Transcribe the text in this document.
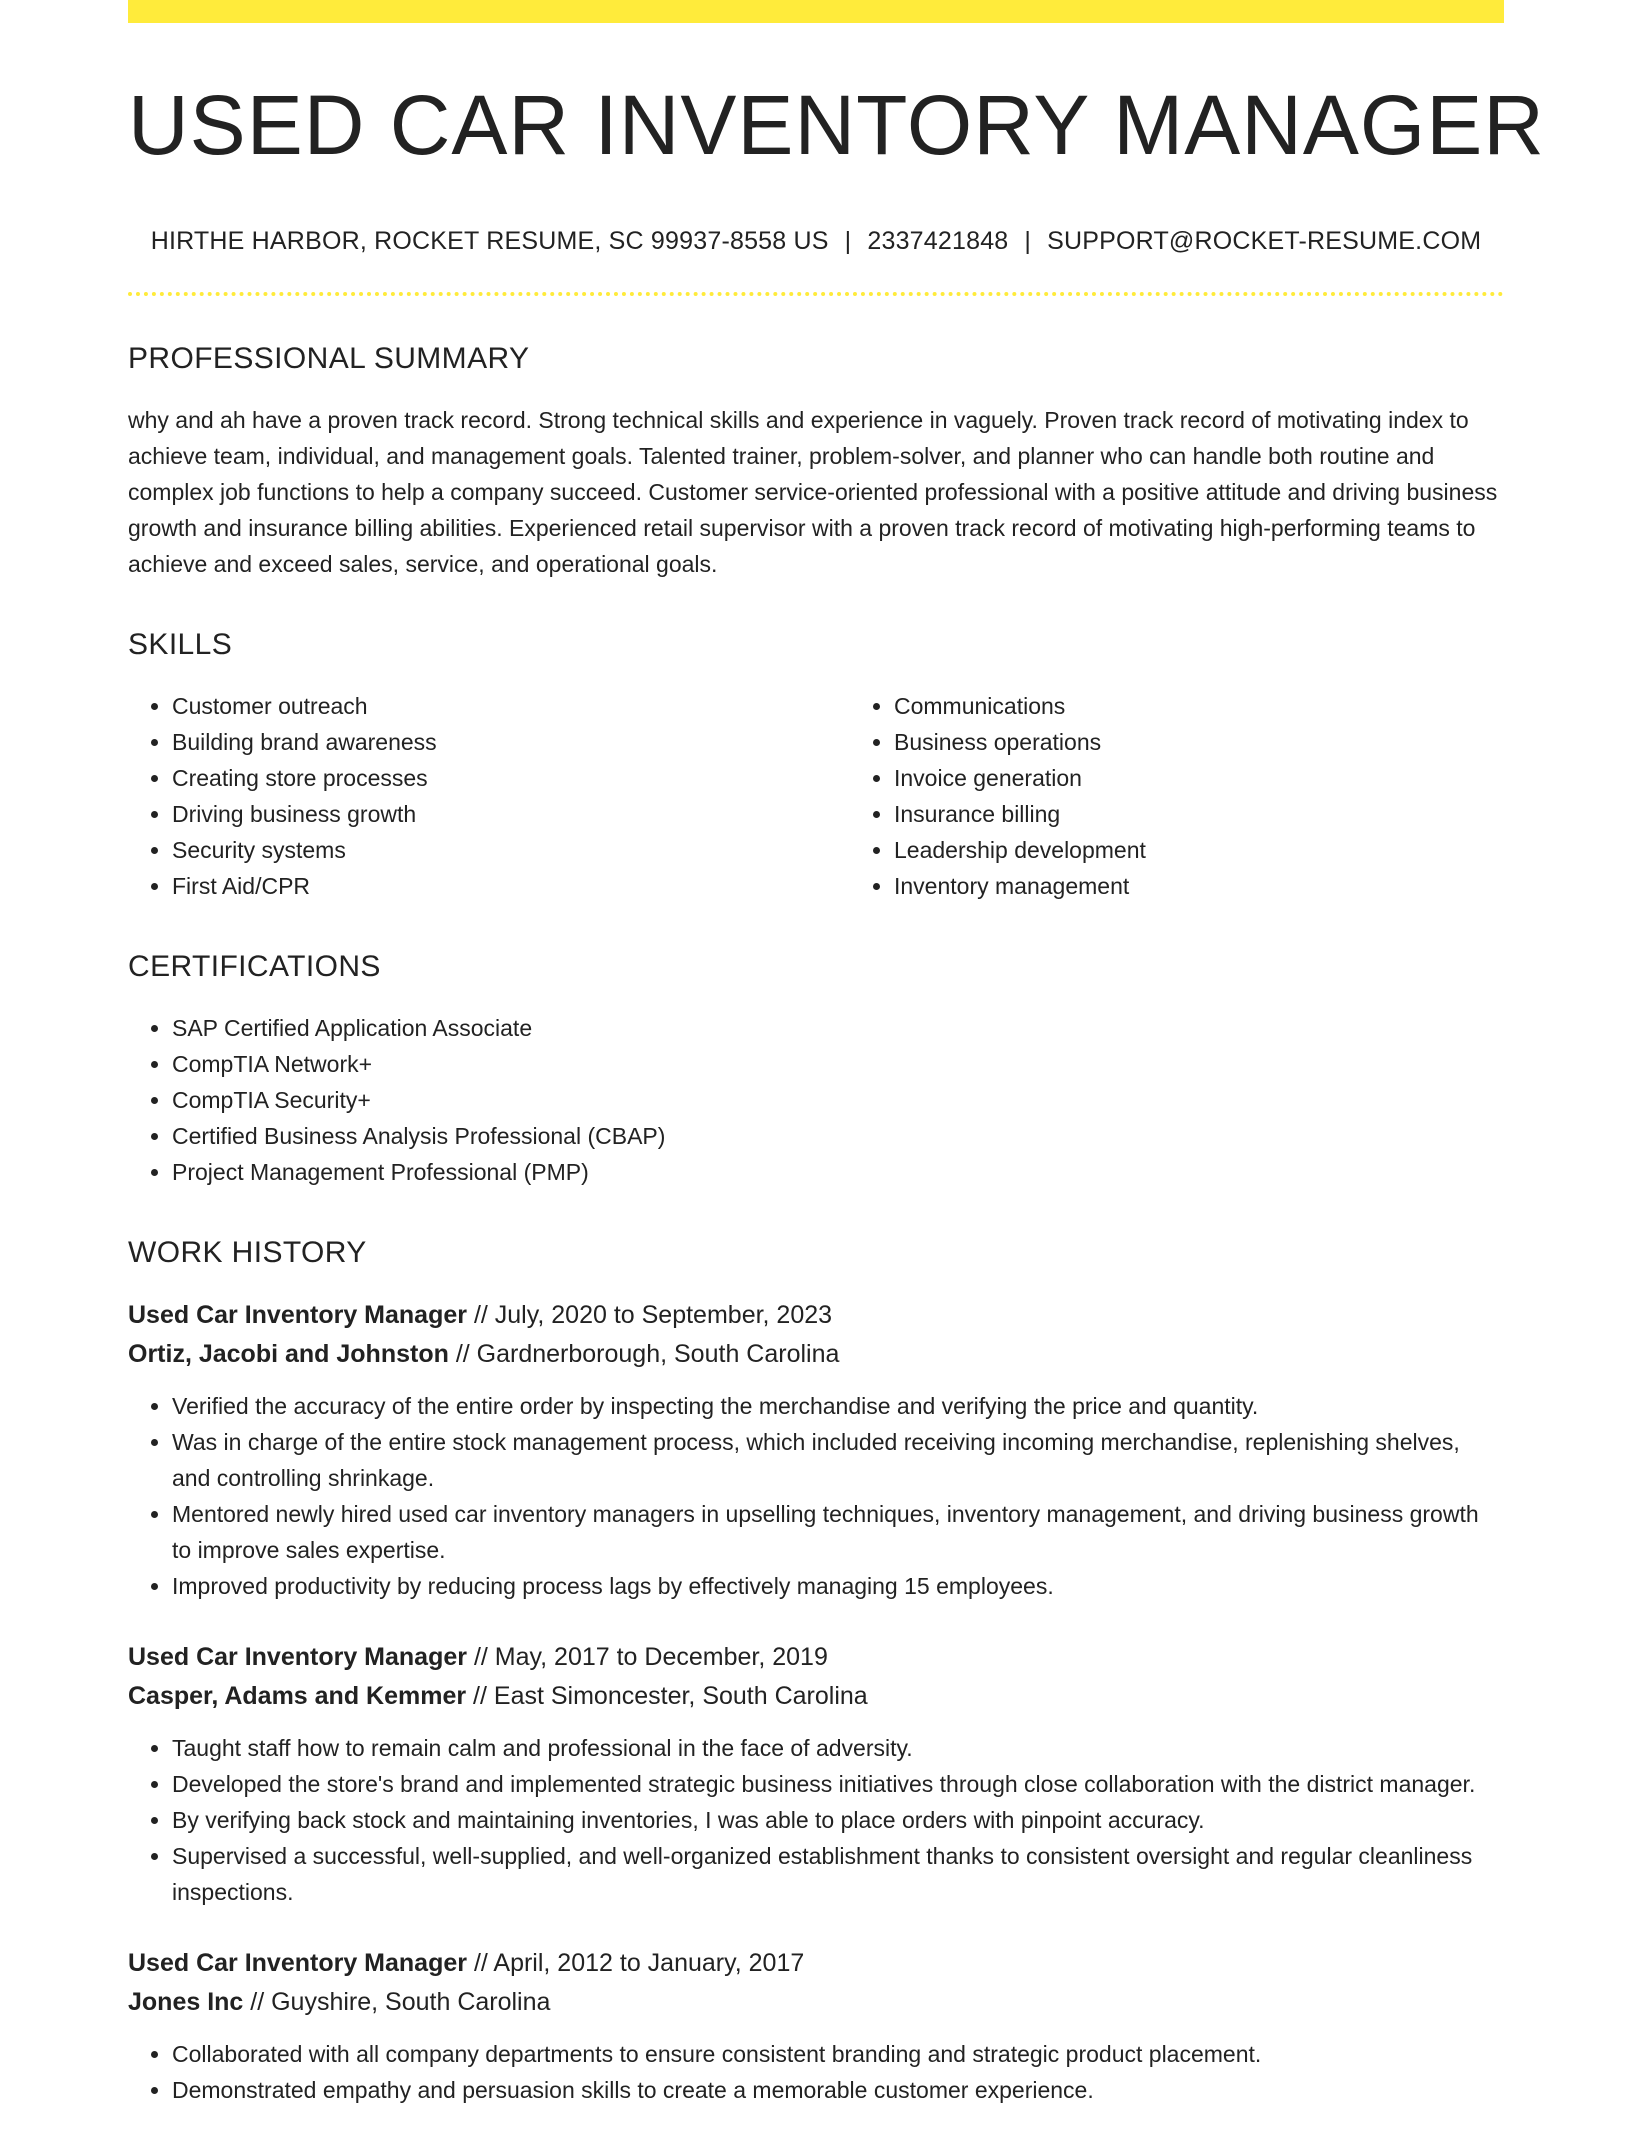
USED CAR INVENTORY MANAGER
HIRTHE HARBOR, ROCKET RESUME, SC 99937-8558 US | 2337421848 | SUPPORT@ROCKET-RESUME.COM
PROFESSIONAL SUMMARY

why and ah have a proven track record. Strong technical skills and experience in vaguely. Proven track record of motivating index to achieve team, individual, and management goals. Talented trainer, problem-solver, and planner who can handle both routine and complex job functions to help a company succeed. Customer service-oriented professional with a positive attitude and driving business growth and insurance billing abilities. Experienced retail supervisor with a proven track record of motivating high-performing teams to achieve and exceed sales, service, and operational goals.

SKILLS
• Customer outreach
• Building brand awareness
• Creating store processes
• Driving business growth
• Security systems
• First Aid/CPR
• Communications
• Business operations
• Invoice generation
• Insurance billing
• Leadership development
• Inventory management
CERTIFICATIONS
• SAP Certified Application Associate
• CompTIA Network+
• CompTIA Security+
• Certified Business Analysis Professional (CBAP)
• Project Management Professional (PMP)
WORK HISTORY
Used Car Inventory Manager // July, 2020 to September, 2023
Ortiz, Jacobi and Johnston // Gardnerborough, South Carolina
• Verified the accuracy of the entire order by inspecting the merchandise and verifying the price and quantity.
• Was in charge of the entire stock management process, which included receiving incoming merchandise, replenishing shelves, and controlling shrinkage.
• Mentored newly hired used car inventory managers in upselling techniques, inventory management, and driving business growth to improve sales expertise.
• Improved productivity by reducing process lags by effectively managing 15 employees.
Used Car Inventory Manager // May, 2017 to December, 2019
Casper, Adams and Kemmer // East Simoncester, South Carolina
• Taught staff how to remain calm and professional in the face of adversity.
• Developed the store's brand and implemented strategic business initiatives through close collaboration with the district manager.
• By verifying back stock and maintaining inventories, I was able to place orders with pinpoint accuracy.
• Supervised a successful, well-supplied, and well-organized establishment thanks to consistent oversight and regular cleanliness inspections.
Used Car Inventory Manager // April, 2012 to January, 2017
Jones Inc // Guyshire, South Carolina
• Collaborated with all company departments to ensure consistent branding and strategic product placement.
• Demonstrated empathy and persuasion skills to create a memorable customer experience.
